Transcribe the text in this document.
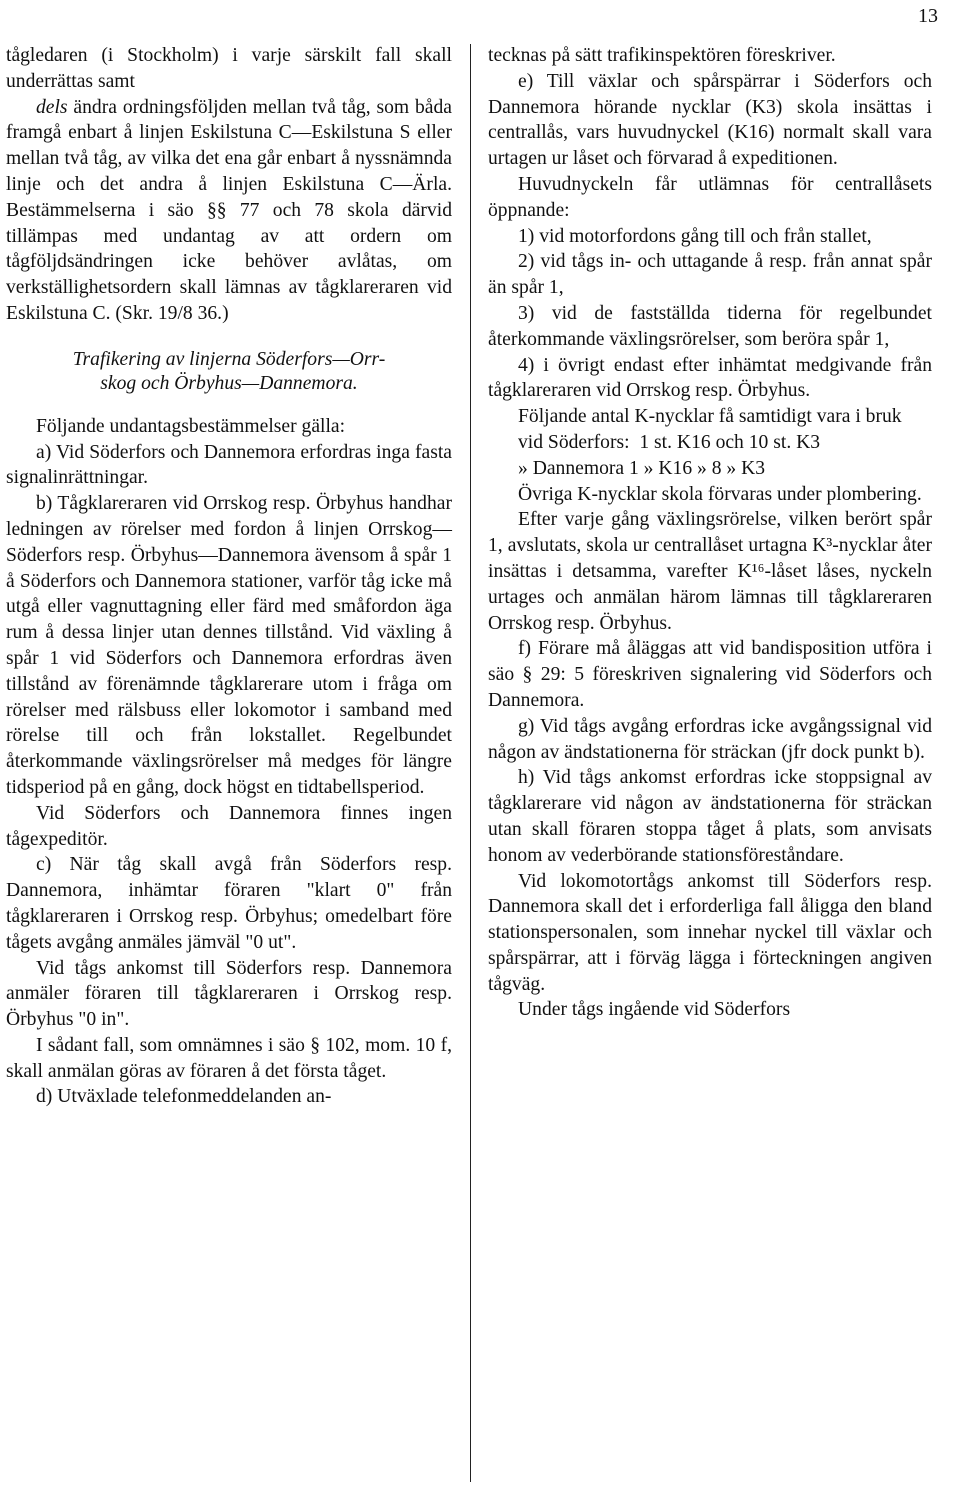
13

tågledaren (i Stockholm) i varje särskilt fall skall underrättas samt

dels ändra ordningsföljden mellan två tåg, som båda framgå enbart å linjen Eskilstuna C—Eskilstuna S eller mellan två tåg, av vilka det ena går enbart å nyssnämnda linje och det andra å linjen Eskilstuna C—Ärla. Bestämmelserna i säo §§ 77 och 78 skola därvid tillämpas med undantag av att ordern om tågföljdsändringen icke behöver avlåtas, om verkställighetsordern skall lämnas av tågklareraren vid Eskilstuna C. (Skr. 19/8 36.)

Trafikering av linjerna Söderfors—Orr-
skog och Örbyhus—Dannemora.

Följande undantagsbestämmelser gälla:

a) Vid Söderfors och Dannemora erfordras inga fasta signalinrättningar.

b) Tågklareraren vid Orrskog resp. Örbyhus handhar ledningen av rörelser med fordon å linjen Orrskog—Söderfors resp. Örbyhus—Dannemora ävensom å spår 1 å Söderfors och Dannemora stationer, varför tåg icke må utgå eller vagnuttagning eller färd med småfordon äga rum å dessa linjer utan dennes tillstånd. Vid växling å spår 1 vid Söderfors och Dannemora erfordras även tillstånd av förenämnde tågklarerare utom i fråga om rörelser med rälsbuss eller lokomotor i samband med rörelse till och från lokstallet. Regelbundet återkommande växlingsrörelser må medges för längre tidsperiod på en gång, dock högst en tidtabellsperiod.

Vid Söderfors och Dannemora finnes ingen tågexpeditör.

c) När tåg skall avgå från Söderfors resp. Dannemora, inhämtar föraren "klart 0" från tågklareraren i Orrskog resp. Örbyhus; omedelbart före tågets avgång anmäles jämväl "0 ut".

Vid tågs ankomst till Söderfors resp. Dannemora anmäler föraren till tågklareraren i Orrskog resp. Örbyhus "0 in".

I sådant fall, som omnämnes i säo § 102, mom. 10 f, skall anmälan göras av föraren å det första tåget.

d) Utväxlade telefonmeddelanden an-

tecknas på sätt trafikinspektören föreskriver.

e) Till växlar och spårspärrar i Söderfors och Dannemora hörande nycklar (K3) skola insättas i centrallås, vars huvudnyckel (K16) normalt skall vara urtagen ur låset och förvarad å expeditionen.

Huvudnyckeln får utlämnas för centrallåsets öppnande:

1) vid motorfordons gång till och från stallet,

2) vid tågs in- och uttagande å resp. från annat spår än spår 1,

3) vid de fastställda tiderna för regelbundet återkommande växlingsrörelser, som beröra spår 1,

4) i övrigt endast efter inhämtat medgivande från tågklareraren vid Orrskog resp. Örbyhus.

Följande antal K-nycklar få samtidigt vara i bruk

vid Söderfors:  1 st. K16 och 10 st. K3
» Dannemora 1 » K16 » 8 » K3

Övriga K-nycklar skola förvaras under plombering.

Efter varje gång växlingsrörelse, vilken berört spår 1, avslutats, skola ur centrallåset urtagna K³-nycklar åter insättas i detsamma, varefter K¹⁶-låset låses, nyckeln urtages och anmälan härom lämnas till tågklareraren Orrskog resp. Örbyhus.

f) Förare må åläggas att vid bandisposition utföra i säo § 29: 5 föreskriven signalering vid Söderfors och Dannemora.

g) Vid tågs avgång erfordras icke avgångssignal vid någon av ändstationerna för sträckan (jfr dock punkt b).

h) Vid tågs ankomst erfordras icke stoppsignal av tågklarerare vid någon av ändstationerna för sträckan utan skall föraren stoppa tåget å plats, som anvisats honom av vederbörande stationsföreståndare.

Vid lokomotortågs ankomst till Söderfors resp. Dannemora skall det i erforderliga fall åligga den bland stationspersonalen, som innehar nyckel till växlar och spårspärrar, att i förväg lägga i förteckningen angiven tågväg.

Under tågs ingående vid Söderfors
